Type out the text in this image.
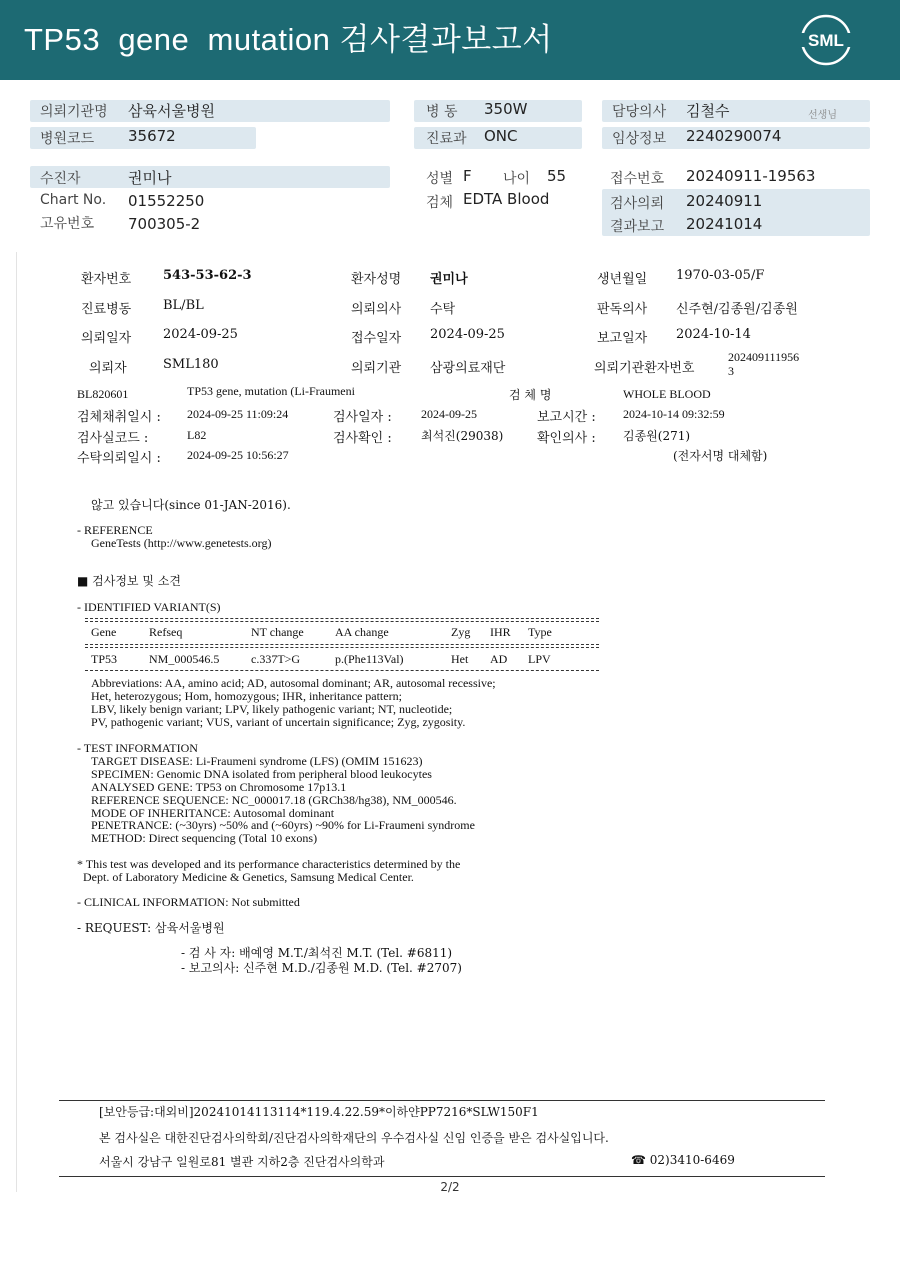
TP53  gene  mutation 검사결과보고서	SML
의뢰기관명 삼육서울병원
병원코드 35672
병 동 350W
진료과 ONC
담당의사 김철수	선생님
임상정보 2240290074
수진자	권미나
Chart No. 01552250
고유번호 700305-2
성별 F 나이 55
검체 EDTA Blood
접수번호 20240911-19563
검사의뢰 20240911
결과보고 20241014
환자번호 543-53-62-3	환자성명 권미나	생년월일 1970-03-05/F
진료병동 BL/BL	의뢰의사 수탁	판독의사 신주현/김종원/김종원
의뢰일자 2024-09-25	접수일자 2024-09-25	보고일자 2024-10-14
의뢰자	SML180	의뢰기관 삼광의료재단	의뢰기관환자번호
202409111956
3
BL820601	TP53 gene, mutation (Li-Fraumeni	검 체 명	WHOLE BLOOD
검체채취일시 : 2024-09-25 11:09:24	검사일자 : 2024-09-25	보고시간 : 2024-10-14 09:32:59
검사실코드 :	L82	검사확인 : 최석진(29038)	확인의사 : 김종원(271)
수탁의뢰일시 : 2024-09-25 10:56:27	(전자서명 대체함)
않고 있습니다(since 01-JAN-2016).
- REFERENCE
GeneTests (http://www.genetests.org)
■ 검사정보 및 소견
- IDENTIFIED VARIANT(S)
Gene	Refseq	NT change	AA change	Zyg IHR Type
TP53	NM_000546.5	c.337T>G	p.(Phe113Val)	Het AD LPV
Abbreviations: AA, amino acid; AD, autosomal dominant; AR, autosomal recessive;
Het, heterozygous; Hom, homozygous; IHR, inheritance pattern;
LBV, likely benign variant; LPV, likely pathogenic variant; NT, nucleotide;
PV, pathogenic variant; VUS, variant of uncertain significance; Zyg, zygosity.
- TEST INFORMATION
TARGET DISEASE: Li-Fraumeni syndrome (LFS) (OMIM 151623)
SPECIMEN: Genomic DNA isolated from peripheral blood leukocytes
ANALYSED GENE: TP53 on Chromosome 17p13.1
REFERENCE SEQUENCE: NC_000017.18 (GRCh38/hg38), NM_000546.
MODE OF INHERITANCE: Autosomal dominant
PENETRANCE: (~30yrs) ~50% and (~60yrs) ~90% for Li-Fraumeni syndrome
METHOD: Direct sequencing (Total 10 exons)
* This test was developed and its performance characteristics determined by the
Dept. of Laboratory Medicine & Genetics, Samsung Medical Center.
- CLINICAL INFORMATION: Not submitted
- REQUEST: 삼육서울병원
- 검 사 자: 배예영 M.T./최석진 M.T. (Tel. #6811)
- 보고의사: 신주현 M.D./김종원 M.D. (Tel. #2707)
[보안등급:대외비]20241014113114*119.4.22.59*이하얀PP7216*SLW150F1
본 검사실은 대한진단검사의학회/진단검사의학재단의 우수검사실 신임 인증을 받은 검사실입니다.
서울시 강남구 일원로81 별관 지하2층 진단검사의학과	☎ 02)3410-6469
2/2
